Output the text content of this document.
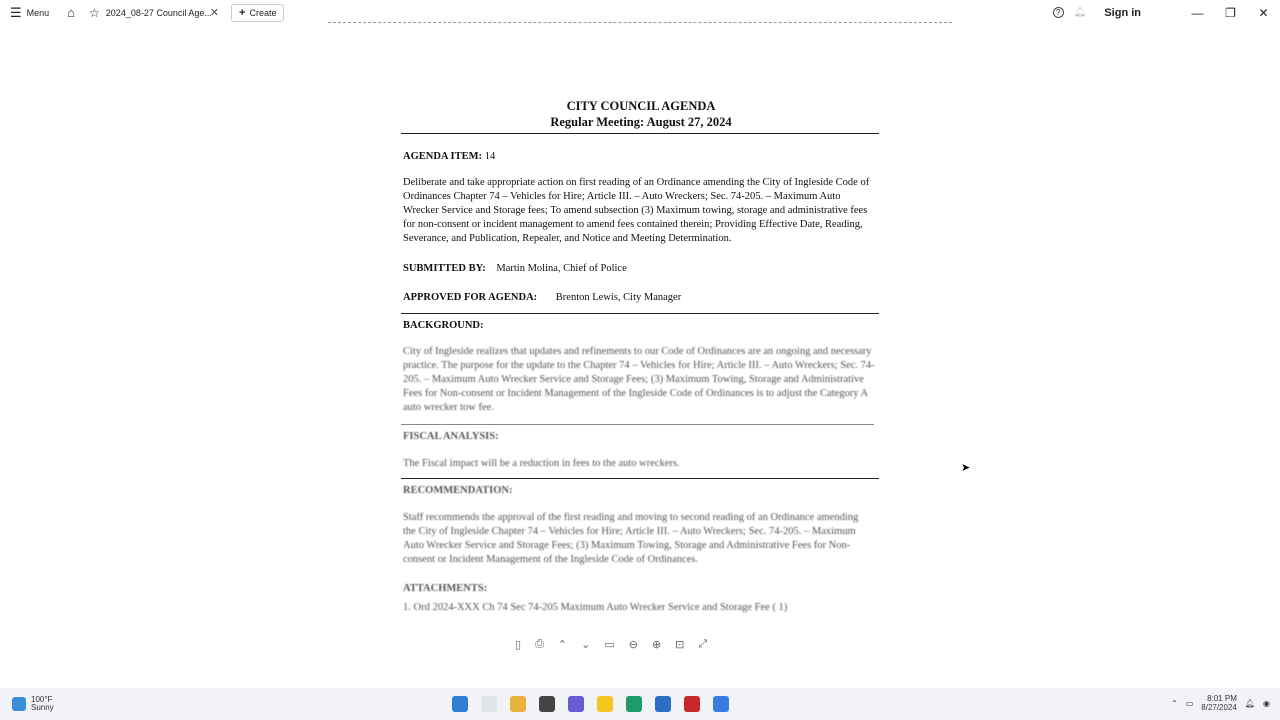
☰ Menu ⌂ ☆ 2024_08-27 Council Age...
✕ + Create	?	🔔︎ Sign in	—	❐	✕
CITY COUNCIL AGENDA
Regular Meeting: August 27, 2024

AGENDA ITEM: 14

Deliberate and take appropriate action on first reading of an Ordinance amending the City of Ingleside Code of Ordinances Chapter 74 – Vehicles for Hire; Article III. – Auto Wreckers; Sec. 74-205. – Maximum Auto Wrecker Service and Storage fees; To amend subsection (3) Maximum towing, storage and administrative fees for non-consent or incident management to amend fees contained therein; Providing Effective Date, Reading, Severance, and Publication, Repealer, and Notice and Meeting Determination.

SUBMITTED BY: Martin Molina, Chief of Police

APPROVED FOR AGENDA: Brenton Lewis, City Manager

BACKGROUND:

City of Ingleside realizes that updates and refinements to our Code of Ordinances are an ongoing and necessary practice. The purpose for the update to the Chapter 74 – Vehicles for Hire; Article III. – Auto Wreckers; Sec. 74-205. – Maximum Auto Wrecker Service and Storage Fees; (3) Maximum Towing, Storage and Administrative Fees for Non-consent or Incident Management of the Ingleside Code of Ordinances is to adjust the Category A auto wrecker tow fee.

FISCAL ANALYSIS:

The Fiscal impact will be a reduction in fees to the auto wreckers.

RECOMMENDATION:

Staff recommends the approval of the first reading and moving to second reading of an Ordinance amending the City of Ingleside Chapter 74 – Vehicles for Hire; Article III. – Auto Wreckers; Sec. 74-205. – Maximum Auto Wrecker Service and Storage Fees; (3) Maximum Towing, Storage and Administrative Fees for Non-consent or Incident Management of the Ingleside Code of Ordinances.

ATTACHMENTS:

1. Ord 2024-XXX Ch 74 Sec 74-205 Maximum Auto Wrecker Service and Storage Fee ( 1)

▯ ⎙ ⌃ ⌄ ▭ ⊖ ⊕ ⊡ ⤢
➤
100°F
Sunny	⌃ ▭	8:01 PM
8/27/2024 🔔︎ ◉
